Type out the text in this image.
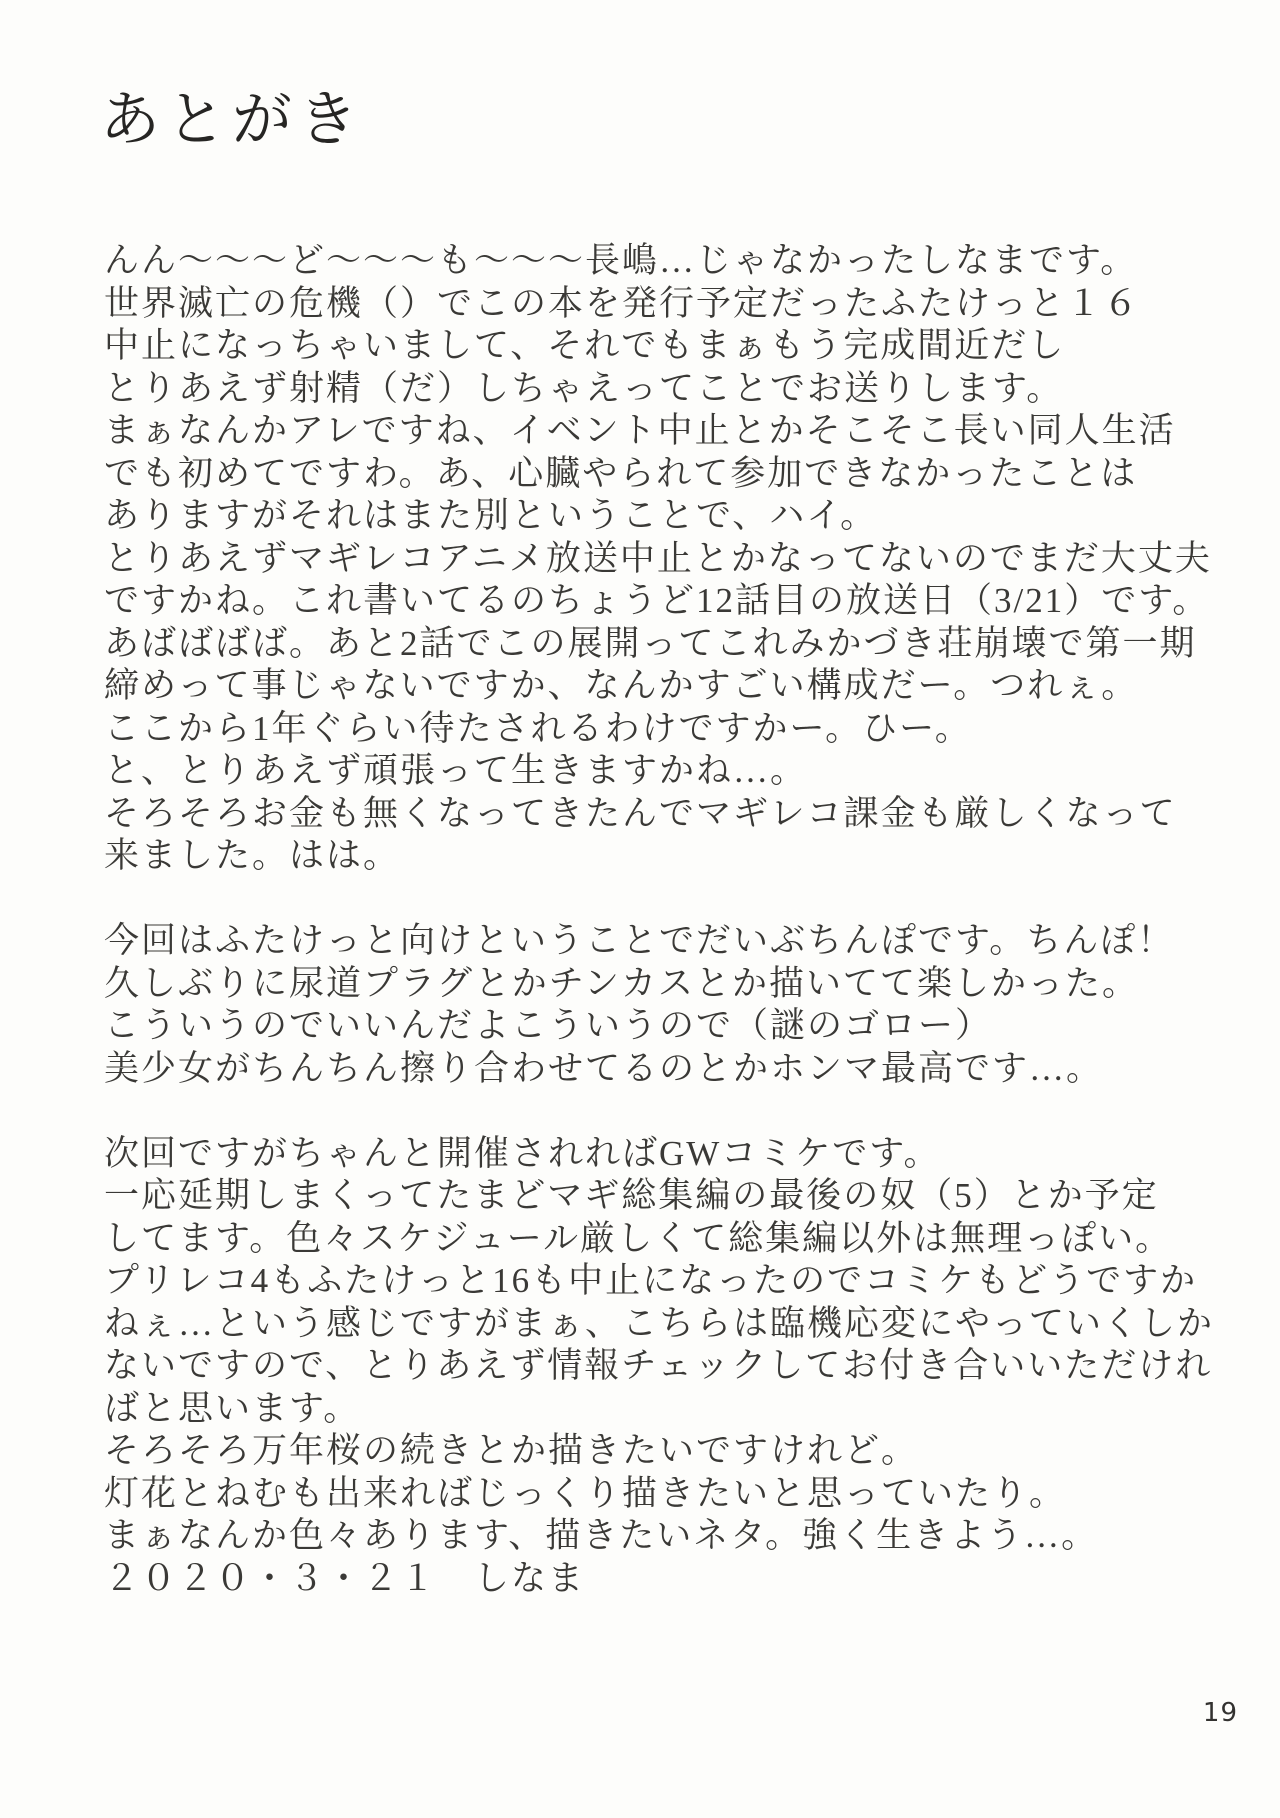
あとがき
んん～～～ど～～～も～～～長嶋…じゃなかったしなまです。
世界滅亡の危機（）でこの本を発行予定だったふたけっと１６
中止になっちゃいまして、それでもまぁもう完成間近だし
とりあえず射精（だ）しちゃえってことでお送りします。
まぁなんかアレですね、イベント中止とかそこそこ長い同人生活
でも初めてですわ。あ、心臓やられて参加できなかったことは
ありますがそれはまた別ということで、ハイ。
とりあえずマギレコアニメ放送中止とかなってないのでまだ大丈夫
ですかね。これ書いてるのちょうど12話目の放送日（3/21）です。
あばばばば。あと2話でこの展開ってこれみかづき荘崩壊で第一期
締めって事じゃないですか、なんかすごい構成だー。つれぇ。
ここから1年ぐらい待たされるわけですかー。ひー。
と、とりあえず頑張って生きますかね…。
そろそろお金も無くなってきたんでマギレコ課金も厳しくなって
来ました。はは。
今回はふたけっと向けということでだいぶちんぽです。ちんぽ！
久しぶりに尿道プラグとかチンカスとか描いてて楽しかった。
こういうのでいいんだよこういうので（謎のゴロー）
美少女がちんちん擦り合わせてるのとかホンマ最高です…。
次回ですがちゃんと開催されればGWコミケです。
一応延期しまくってたまどマギ総集編の最後の奴（5）とか予定
してます。色々スケジュール厳しくて総集編以外は無理っぽい。
プリレコ4もふたけっと16も中止になったのでコミケもどうですか
ねぇ…という感じですがまぁ、こちらは臨機応変にやっていくしか
ないですので、とりあえず情報チェックしてお付き合いいただけれ
ばと思います。
そろそろ万年桜の続きとか描きたいですけれど。
灯花とねむも出来ればじっくり描きたいと思っていたり。
まぁなんか色々あります、描きたいネタ。強く生きよう…。
２０２０・３・２１　しなま
19
